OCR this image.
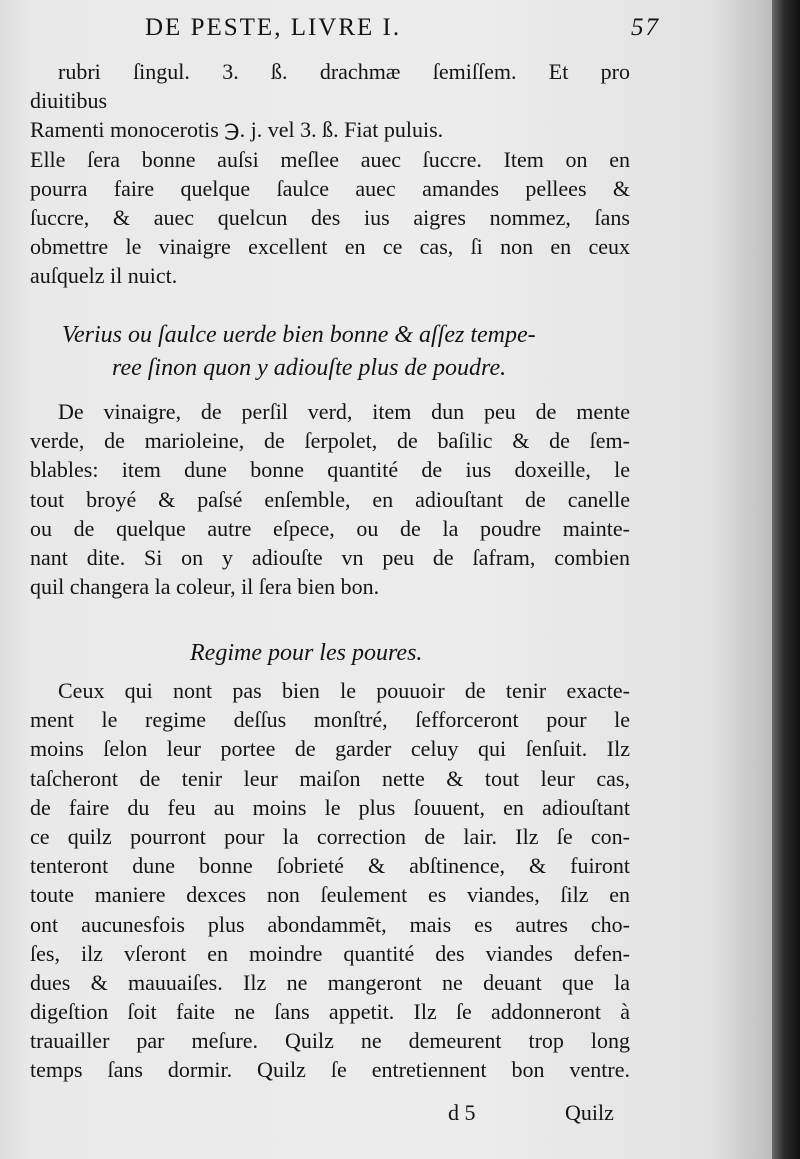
DE PESTE, LIVRE I.	57
rubri ſingul. 3. ß. drachmæ ſemiſſem. Et pro
diuitibus
Ramenti monocerotis ℈. j. vel 3. ß. Fiat puluis.
Elle ſera bonne auſsi meſlee auec ſuccre. Item on en
pourra faire quelque ſaulce auec amandes pellees &
ſuccre, & auec quelcun des ius aigres nommez, ſans
obmettre le vinaigre excellent en ce cas, ſi non en ceux
auſquelz il nuict.
Verius ou ſaulce uerde bien bonne & aſſez tempe-
ree ſinon quon y adiouſte plus de poudre.
De vinaigre, de perſil verd, item dun peu de mente
verde, de marioleine, de ſerpolet, de baſilic & de ſem-
blables: item dune bonne quantité de ius doxeille, le
tout broyé & paſsé enſemble, en adiouſtant de canelle
ou de quelque autre eſpece, ou de la poudre mainte-
nant dite. Si on y adiouſte vn peu de ſafram, combien
quil changera la coleur, il ſera bien bon.
Regime pour les poures.
Ceux qui nont pas bien le pouuoir de tenir exacte-
ment le regime deſſus monſtré, ſefforceront pour le
moins ſelon leur portee de garder celuy qui ſenſuit. Ilz
taſcheront de tenir leur maiſon nette & tout leur cas,
de faire du feu au moins le plus ſouuent, en adiouſtant
ce quilz pourront pour la correction de lair. Ilz ſe con-
tenteront dune bonne ſobrieté & abſtinence, & fuiront
toute maniere dexces non ſeulement es viandes, ſilz en
ont aucunesfois plus abondammẽt, mais es autres cho-
ſes, ilz vſeront en moindre quantité des viandes defen-
dues & mauuaiſes. Ilz ne mangeront ne deuant que la
digeſtion ſoit faite ne ſans appetit. Ilz ſe addonneront à
trauailler par meſure. Quilz ne demeurent trop long
temps ſans dormir. Quilz ſe entretiennent bon ventre.
d 5	Quilz
